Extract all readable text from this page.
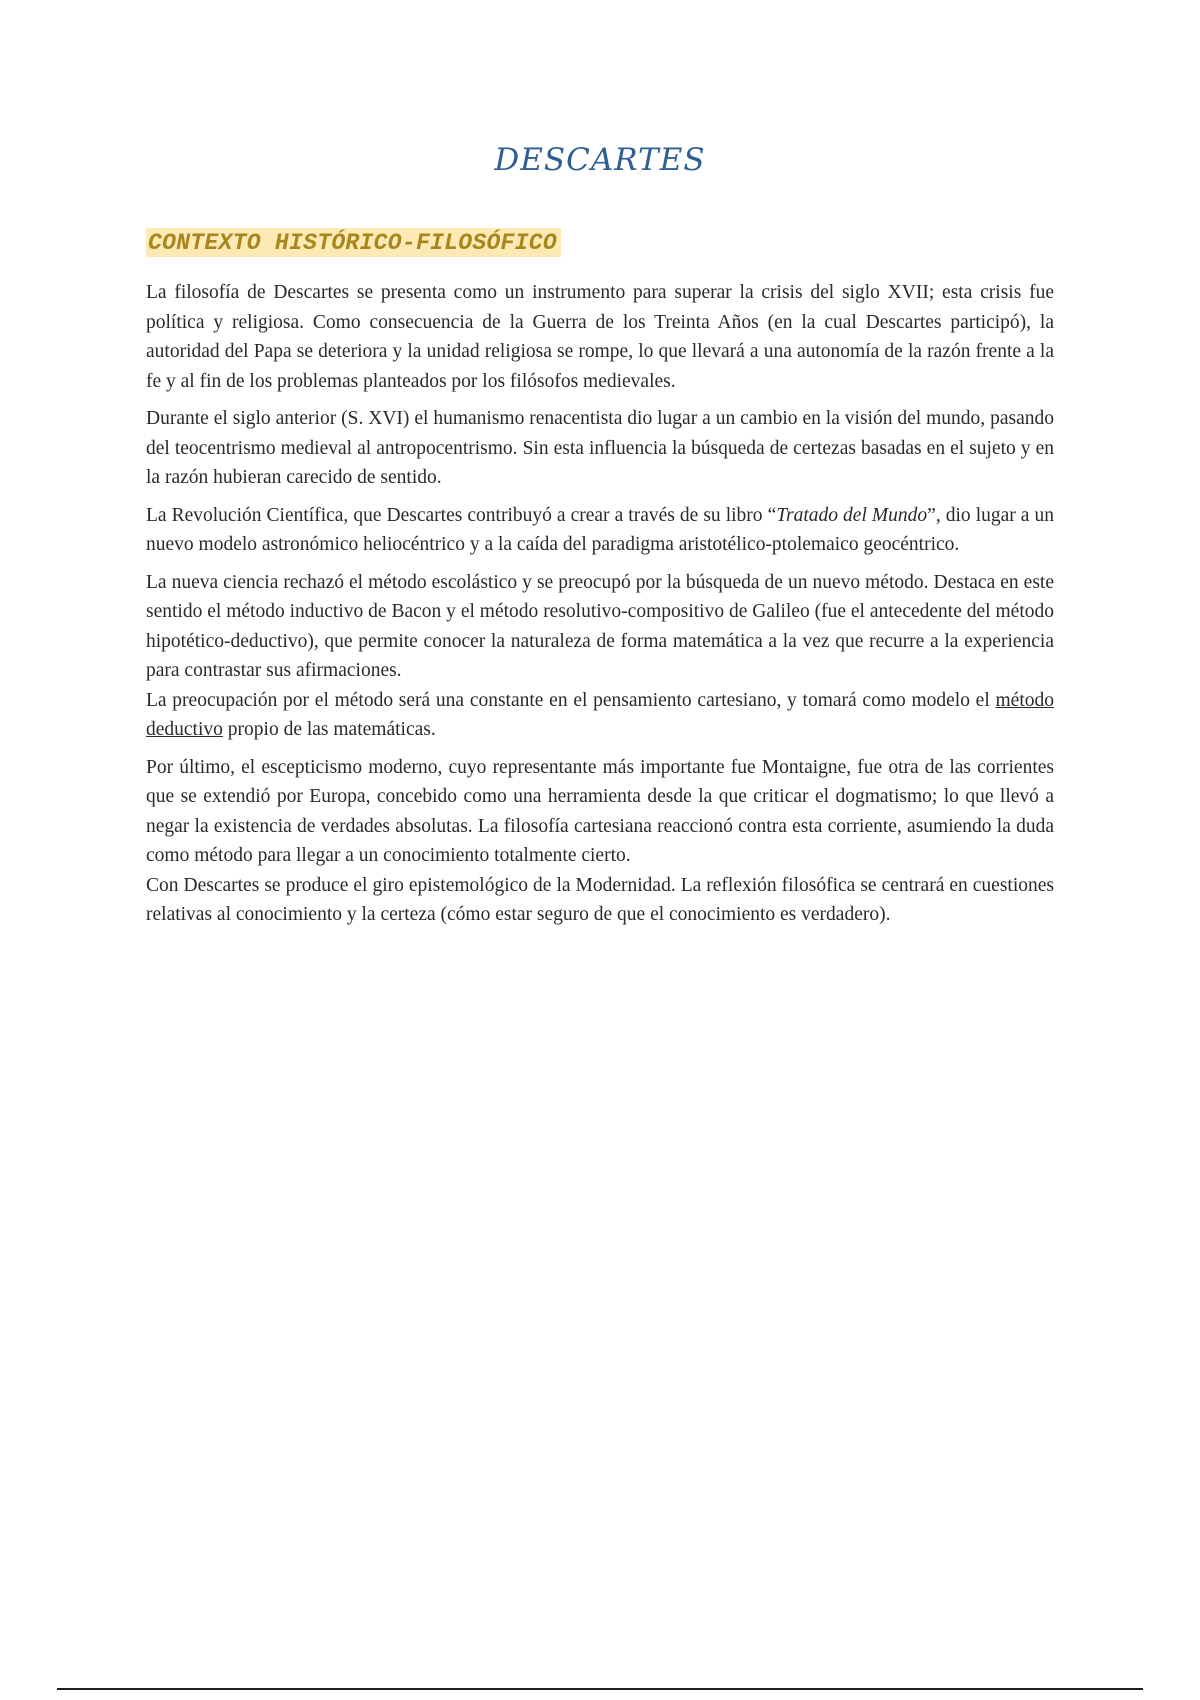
DESCARTES
CONTEXTO HISTÓRICO-FILOSÓFICO

La filosofía de Descartes se presenta como un instrumento para superar la crisis del siglo XVII; esta crisis fue política y religiosa. Como consecuencia de la Guerra de los Treinta Años (en la cual Descartes participó), la autoridad del Papa se deteriora y la unidad religiosa se rompe, lo que llevará a una autonomía de la razón frente a la fe y al fin de los problemas planteados por los filósofos medievales.

Durante el siglo anterior (S. XVI) el humanismo renacentista dio lugar a un cambio en la visión del mundo, pasando del teocentrismo medieval al antropocentrismo. Sin esta influencia la búsqueda de certezas basadas en el sujeto y en la razón hubieran carecido de sentido.

La Revolución Científica, que Descartes contribuyó a crear a través de su libro “Tratado del Mundo”, dio lugar a un nuevo modelo astronómico heliocéntrico y a la caída del paradigma aristotélico-ptolemaico geocéntrico.

La nueva ciencia rechazó el método escolástico y se preocupó por la búsqueda de un nuevo método. Destaca en este sentido el método inductivo de Bacon y el método resolutivo-compositivo de Galileo (fue el antecedente del método hipotético-deductivo), que permite conocer la naturaleza de forma matemática a la vez que recurre a la experiencia para contrastar sus afirmaciones.

La preocupación por el método será una constante en el pensamiento cartesiano, y tomará como modelo el método deductivo propio de las matemáticas.

Por último, el escepticismo moderno, cuyo representante más importante fue Montaigne, fue otra de las corrientes que se extendió por Europa, concebido como una herramienta desde la que criticar el dogmatismo; lo que llevó a negar la existencia de verdades absolutas. La filosofía cartesiana reaccionó contra esta corriente, asumiendo la duda como método para llegar a un conocimiento totalmente cierto.

Con Descartes se produce el giro epistemológico de la Modernidad. La reflexión filosófica se centrará en cuestiones relativas al conocimiento y la certeza (cómo estar seguro de que el conocimiento es verdadero).
